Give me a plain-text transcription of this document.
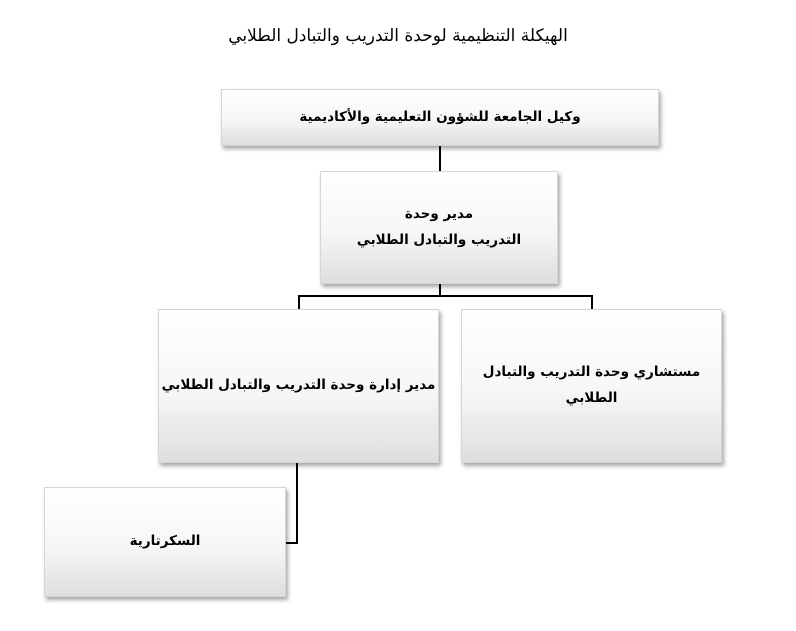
الهيكلة التنظيمية لوحدة التدريب والتبادل الطلابي
وكيل الجامعة للشؤون التعليمية والأكاديمية
مدير وحدة
التدريب والتبادل الطلابي
مدير إدارة وحدة التدريب والتبادل الطلابي
مستشاري وحدة التدريب والتبادل الطلابي
السكرتارية
